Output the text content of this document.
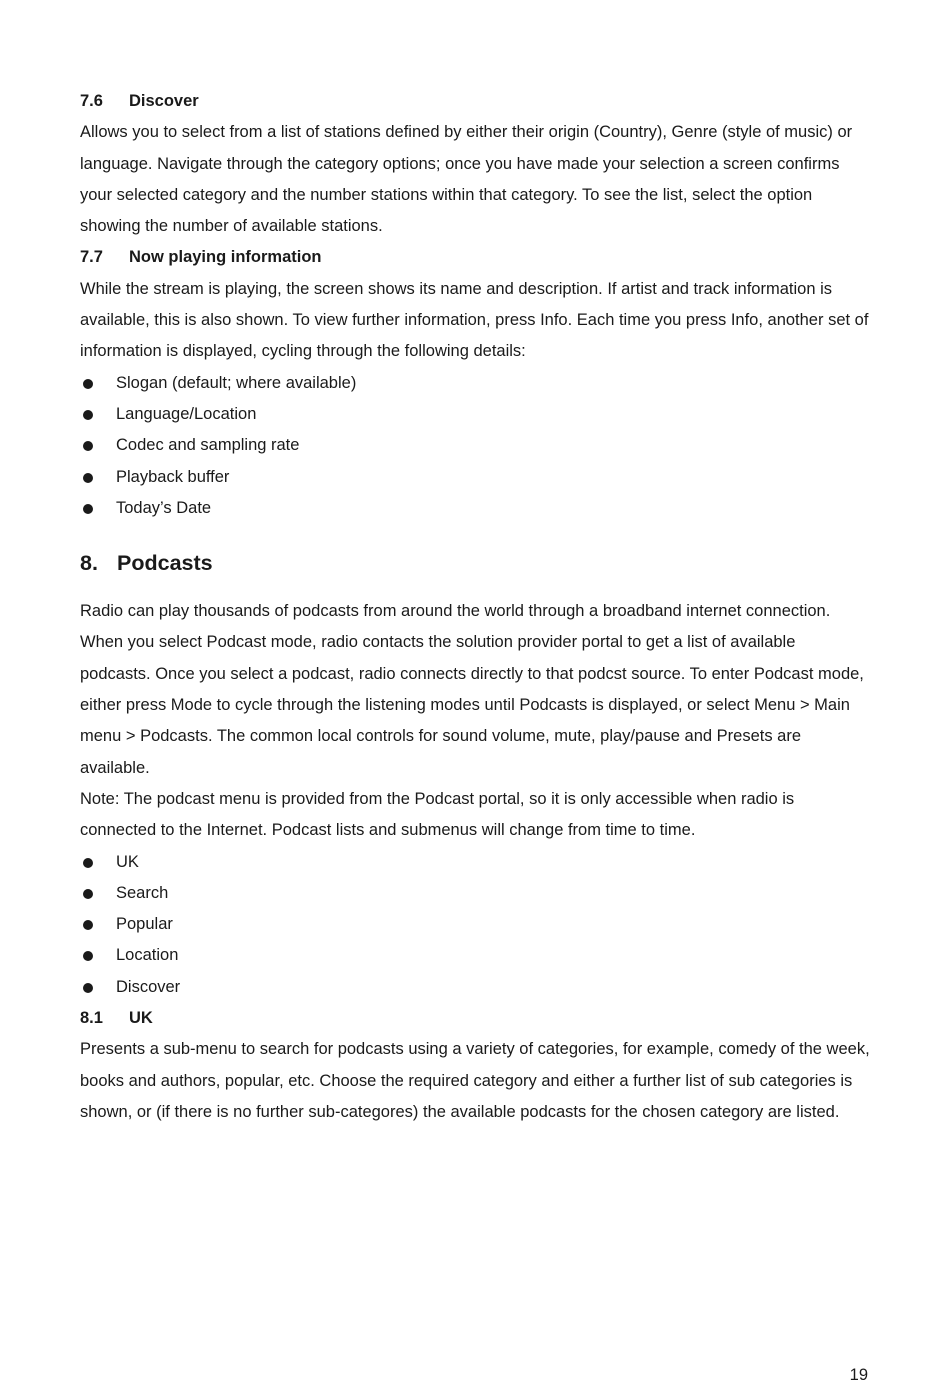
7.6	Discover

Allows you to select from a list of stations defined by either their origin (Country), Genre (style of music) or language. Navigate through the category options; once you have made your selection a screen confirms your selected category and the number stations within that category. To see the list, select the option showing the number of available stations.

7.7	Now playing information

While the stream is playing, the screen shows its name and description. If artist and track information is available, this is also shown. To view further information, press Info. Each time you press Info, another set of information is displayed, cycling through the following details:

Slogan (default; where available)
Language/Location
Codec and sampling rate
Playback buffer
Today’s Date
8. Podcasts

Radio can play thousands of podcasts from around the world through a broadband internet connection. When you select Podcast mode, radio contacts the solution provider portal to get a list of available podcasts. Once you select a podcast, radio connects directly to that podcst source. To enter Podcast mode, either press Mode to cycle through the listening modes until Podcasts is displayed, or select Menu > Main menu > Podcasts. The common local controls for sound volume, mute, play/pause and Presets are available.

Note: The podcast menu is provided from the Podcast portal, so it is only accessible when radio is connected to the Internet. Podcast lists and submenus will change from time to time.

UK
Search
Popular
Location
Discover
8.1	UK

Presents a sub-menu to search for podcasts using a variety of categories, for example, comedy of the week, books and authors, popular, etc. Choose the required category and either a further list of sub categories is shown, or (if there is no further sub-categores) the available podcasts for the chosen category are listed.

19
